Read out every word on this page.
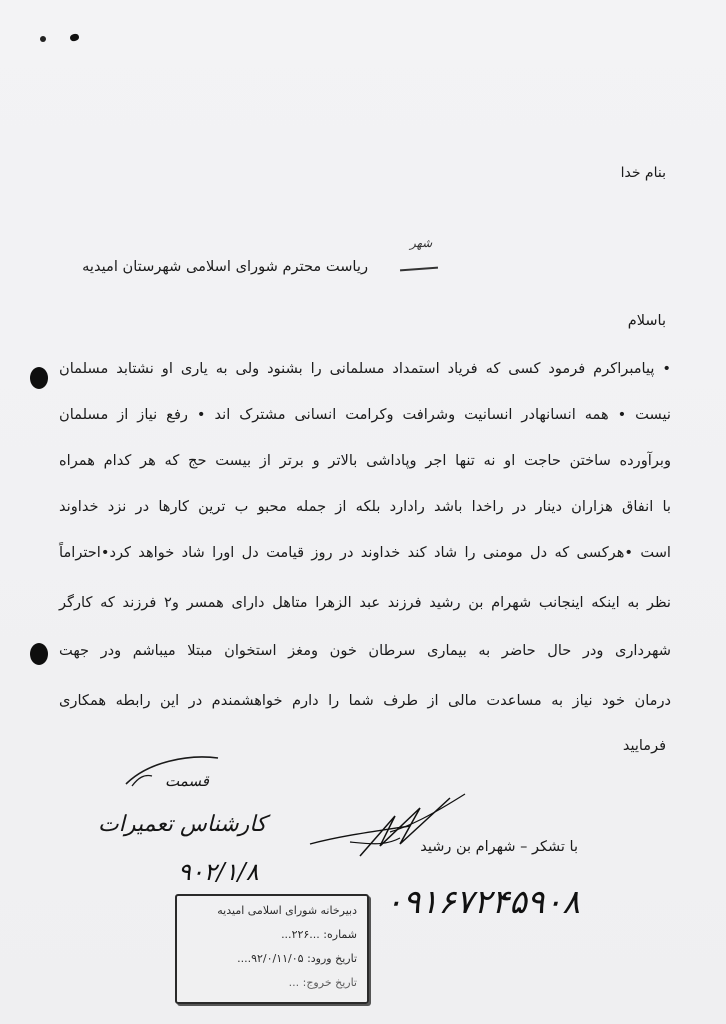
بنام خدا
شهر
ریاست محترم شورای اسلامی شهرستان امیدیه
باسلام
• پیامبراکرم فرمود کسی که فریاد استمداد مسلمانی را بشنود ولی به یاری او نشتابد مسلمان
نیست • همه انسانهادر انسانیت وشرافت وکرامت انسانی مشترک اند • رفع نیاز از مسلمان
وبرآورده ساختن حاجت او نه تنها اجر وپاداشی بالاتر و برتر از بیست حج که هر کدام همراه
با انفاق هزاران دینار در راخدا باشد رادارد بلکه از جمله محبو ب ترین کارها در نزد خداوند
است •هرکسی که دل مومنی را شاد کند خداوند در روز قیامت دل اورا شاد خواهد کرد•احتراماً
نظر به اینکه اینجانب شهرام بن رشید فرزند عبد الزهرا متاهل دارای همسر و۲ فرزند که کارگر
شهرداری ودر حال حاضر به بیماری سرطان خون ومغز استخوان مبتلا میباشم ودر جهت
درمان خود نیاز به مساعدت مالی از طرف شما را دارم خواهشمندم در این رابطه همکاری
فرمایید
قسمت
کارشناس تعمیرات
با تشکر – شهرام بن رشید
۹۰۲/۱/۸
۰۹۱۶۷۲۴۵۹۰۸
دبیرخانه شورای اسلامی امیدیه
شماره: ...۲۲۶...
تاریخ ورود: ۹۲/۰/۱۱/۰۵....
تاریخ خروج: ...
